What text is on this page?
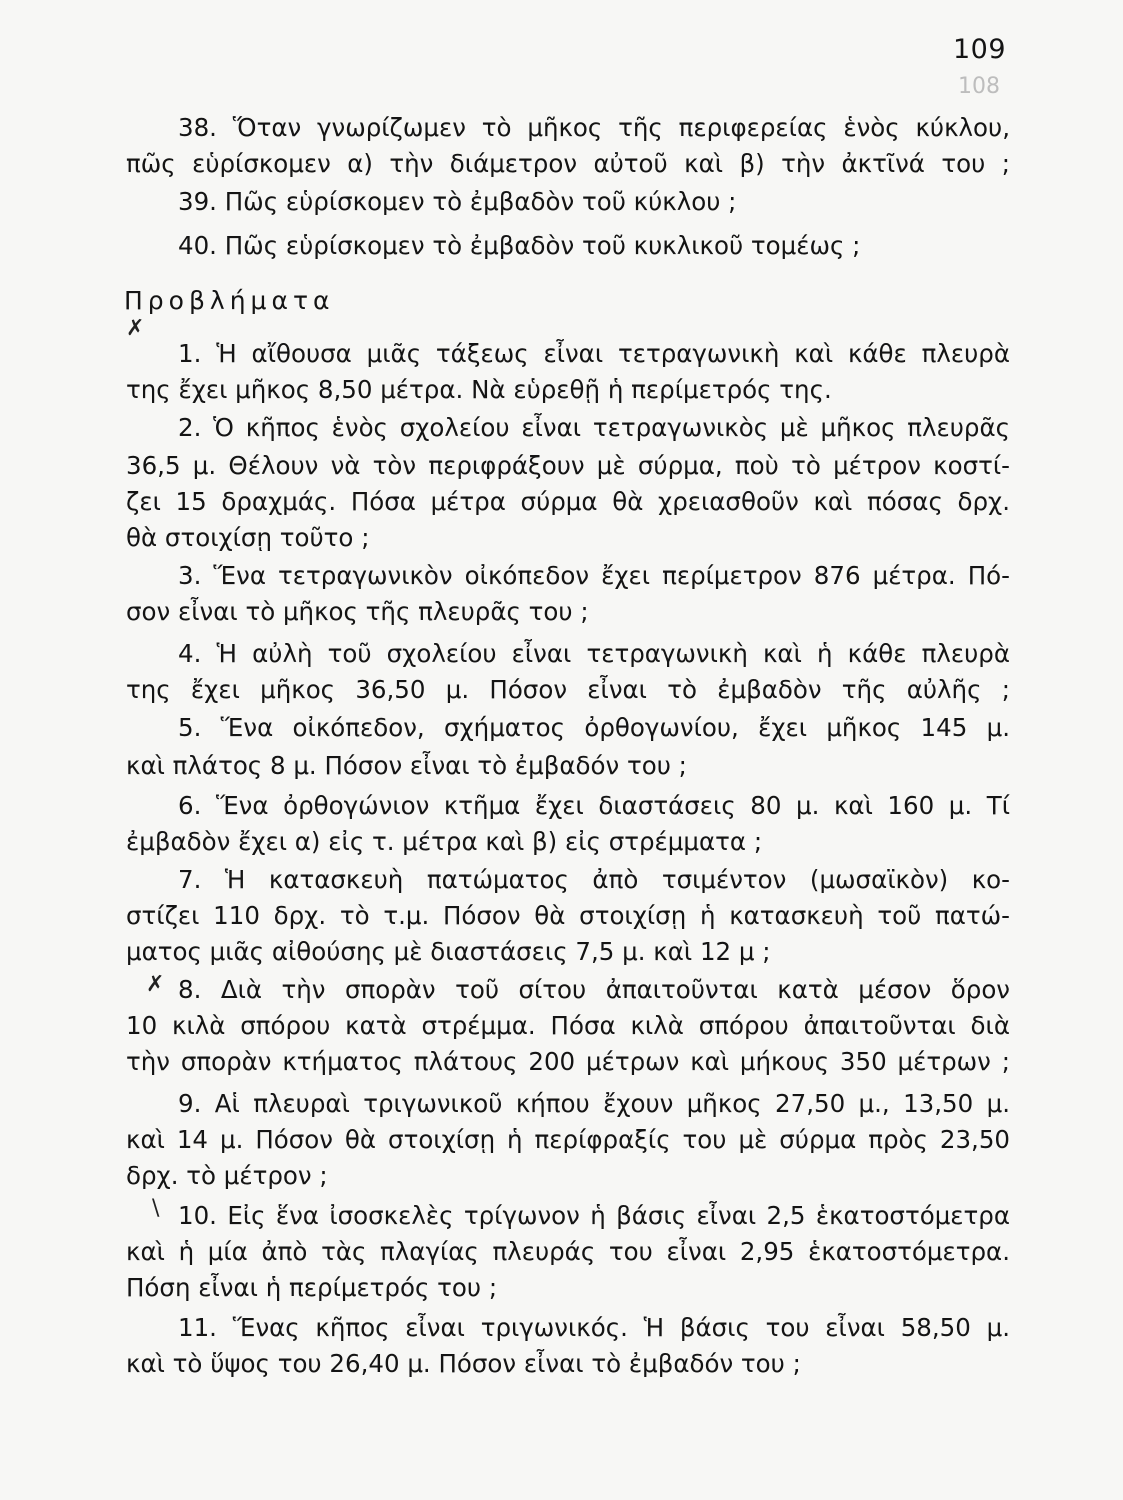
109
108
38. Ὅταν γνωρίζωμεν τὸ μῆκος τῆς περιφερείας ἑνὸς κύκλου,
πῶς εὑρίσκομεν α) τὴν διάμετρον αὐτοῦ καὶ β) τὴν ἀκτῖνά του ;
39. Πῶς εὑρίσκομεν τὸ ἐμβαδὸν τοῦ κύκλου ;
40. Πῶς εὑρίσκομεν τὸ ἐμβαδὸν τοῦ κυκλικοῦ τομέως ;
Προβλήματα
✗
1. Ἡ αἴθουσα μιᾶς τάξεως εἶναι τετραγωνικὴ καὶ κάθε πλευρὰ
της ἔχει μῆκος 8,50 μέτρα. Νὰ εὑρεθῇ ἡ περίμετρός της.
2. Ὁ κῆπος ἑνὸς σχολείου εἶναι τετραγωνικὸς μὲ μῆκος πλευρᾶς
36,5 μ. Θέλουν νὰ τὸν περιφράξουν μὲ σύρμα, ποὺ τὸ μέτρον κοστί-
ζει 15 δραχμάς. Πόσα μέτρα σύρμα θὰ χρειασθοῦν καὶ πόσας δρχ.
θὰ στοιχίσῃ τοῦτο ;
3. Ἕνα τετραγωνικὸν οἰκόπεδον ἔχει περίμετρον 876 μέτρα. Πό-
σον εἶναι τὸ μῆκος τῆς πλευρᾶς του ;
4. Ἡ αὐλὴ τοῦ σχολείου εἶναι τετραγωνικὴ καὶ ἡ κάθε πλευρὰ
της ἔχει μῆκος 36,50 μ. Πόσον εἶναι τὸ ἐμβαδὸν τῆς αὐλῆς ;
5. Ἕνα οἰκόπεδον, σχήματος ὀρθογωνίου, ἔχει μῆκος 145 μ.
καὶ πλάτος 8 μ. Πόσον εἶναι τὸ ἐμβαδόν του ;
6. Ἕνα ὀρθογώνιον κτῆμα ἔχει διαστάσεις 80 μ. καὶ 160 μ. Τί
ἐμβαδὸν ἔχει α) εἰς τ. μέτρα καὶ β) εἰς στρέμματα ;
7. Ἡ κατασκευὴ πατώματος ἀπὸ τσιμέντον (μωσαϊκὸν) κο-
στίζει 110 δρχ. τὸ τ.μ. Πόσον θὰ στοιχίσῃ ἡ κατασκευὴ τοῦ πατώ-
ματος μιᾶς αἰθούσης μὲ διαστάσεις 7,5 μ. καὶ 12 μ ;
✗ 8. Διὰ τὴν σπορὰν τοῦ σίτου ἀπαιτοῦνται κατὰ μέσον ὅρον
10 κιλὰ σπόρου κατὰ στρέμμα. Πόσα κιλὰ σπόρου ἀπαιτοῦνται διὰ
τὴν σπορὰν κτήματος πλάτους 200 μέτρων καὶ μήκους 350 μέτρων ;
9. Αἱ πλευραὶ τριγωνικοῦ κήπου ἔχουν μῆκος 27,50 μ., 13,50 μ.
καὶ 14 μ. Πόσον θὰ στοιχίσῃ ἡ περίφραξίς του μὲ σύρμα πρὸς 23,50
δρχ. τὸ μέτρον ;
\ 10. Εἰς ἕνα ἰσοσκελὲς τρίγωνον ἡ βάσις εἶναι 2,5 ἑκατοστόμετρα
καὶ ἡ μία ἀπὸ τὰς πλαγίας πλευράς του εἶναι 2,95 ἑκατοστόμετρα.
Πόση εἶναι ἡ περίμετρός του ;
11. Ἕνας κῆπος εἶναι τριγωνικός. Ἡ βάσις του εἶναι 58,50 μ.
καὶ τὸ ὕψος του 26,40 μ. Πόσον εἶναι τὸ ἐμβαδόν του ;
